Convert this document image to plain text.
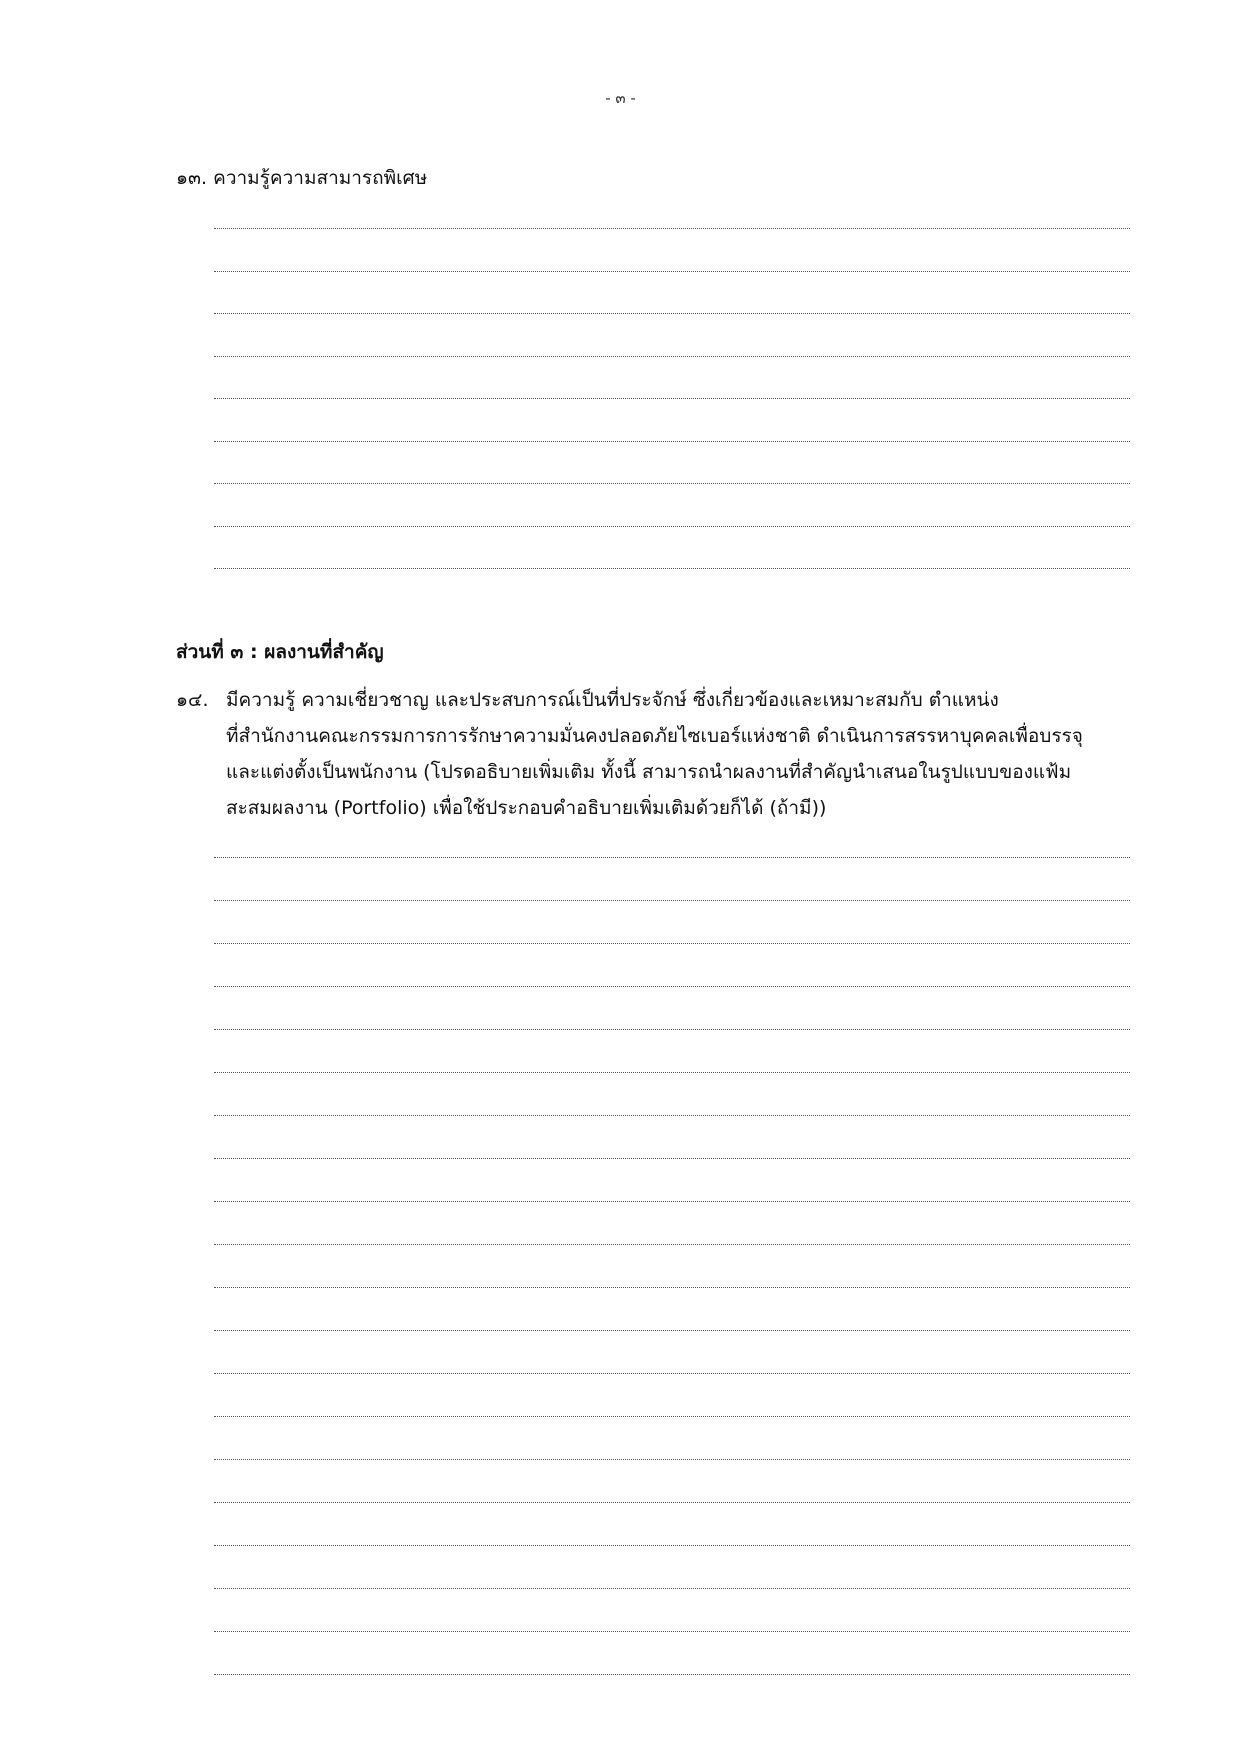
- ๓ -
๑๓. ความรู้ความสามารถพิเศษ
ส่วนที่ ๓ : ผลงานที่สำคัญ
๑๔. มีความรู้ ความเชี่ยวชาญ และประสบการณ์เป็นที่ประจักษ์ ซึ่งเกี่ยวข้องและเหมาะสมกับ ตำแหน่ง
ที่สำนักงานคณะกรรมการการรักษาความมั่นคงปลอดภัยไซเบอร์แห่งชาติ ดำเนินการสรรหาบุคคลเพื่อบรรจุ
และแต่งตั้งเป็นพนักงาน (โปรดอธิบายเพิ่มเติม ทั้งนี้ สามารถนำผลงานที่สำคัญนำเสนอในรูปแบบของแฟ้ม
สะสมผลงาน (Portfolio) เพื่อใช้ประกอบคำอธิบายเพิ่มเติมด้วยก็ได้ (ถ้ามี))
